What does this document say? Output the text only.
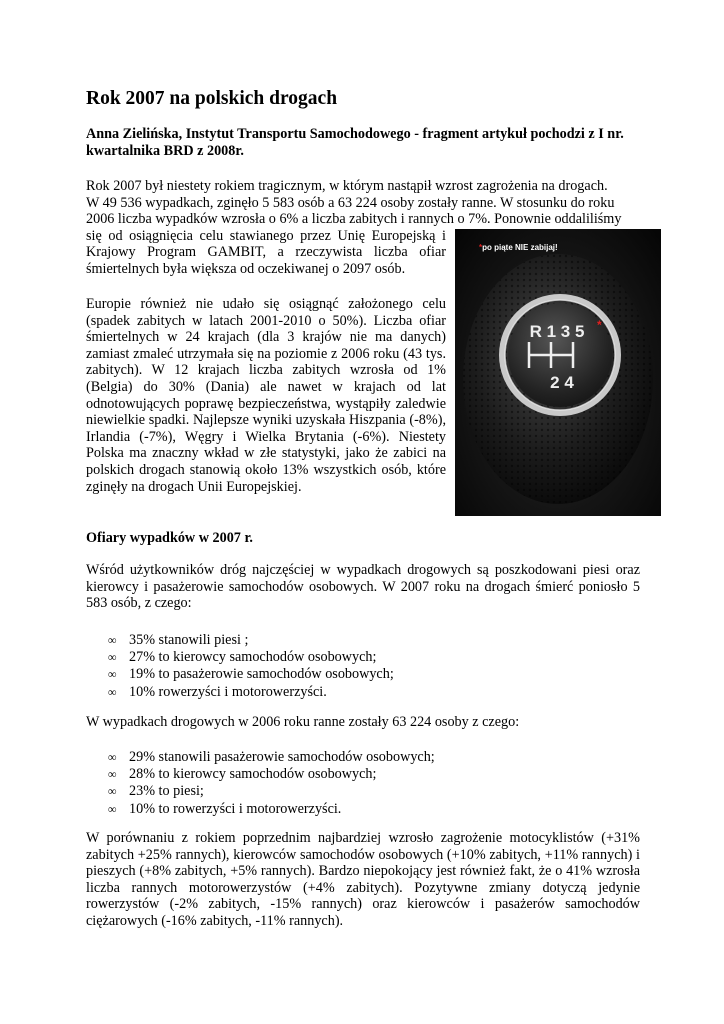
Rok 2007 na polskich drogach

Anna Zielińska, Instytut Transportu Samochodowego - fragment artykuł pochodzi z I nr. kwartalnika BRD z 2008r.

Rok 2007 był niestety rokiem tragicznym, w którym nastąpił wzrost zagrożenia na drogach.

W 49 536 wypadkach, zginęło 5 583 osób a 63 224 osoby zostały ranne. W stosunku do roku

2006 liczba wypadków wzrosła o 6% a liczba zabitych i rannych o 7%. Ponownie oddaliliśmy

się od osiągnięcia celu stawianego przez Unię Europejską i Krajowy Program GAMBIT, a rzeczywista liczba ofiar śmiertelnych była większa od oczekiwanej o 2097 osób.

Europie również nie udało się osiągnąć założonego celu (spadek zabitych w latach 2001-2010 o 50%). Liczba ofiar śmiertelnych w 24 krajach (dla 3 krajów nie ma danych) zamiast zmaleć utrzymała się na poziomie z 2006 roku (43 tys. zabitych). W 12 krajach liczba zabitych wzrosła od 1% (Belgia) do 30% (Dania) ale nawet w krajach od lat odnotowujących poprawę bezpieczeństwa, wystąpiły zaledwie niewielkie spadki. Najlepsze wyniki uzyskała Hiszpania (-8%), Irlandia (-7%), Węgry i Wielka Brytania (-6%). Niestety Polska ma znaczny wkład w złe statystyki, jako że zabici na polskich drogach stanowią około 13% wszystkich osób, które zginęły na drogach Unii Europejskiej.

Ofiary wypadków w 2007 r.

Wśród użytkowników dróg najczęściej w wypadkach drogowych są poszkodowani piesi oraz kierowcy i pasażerowie samochodów osobowych. W 2007 roku na drogach śmierć poniosło 5 583 osób, z czego:

∞ 35% stanowili piesi ;
∞ 27% to kierowcy samochodów osobowych;
∞ 19% to pasażerowie samochodów osobowych;
∞ 10% rowerzyści i motorowerzyści.

W wypadkach drogowych w 2006 roku ranne zostały 63 224 osoby z czego:

∞ 29% stanowili pasażerowie samochodów osobowych;
∞ 28% to kierowcy samochodów osobowych;
∞ 23% to piesi;
∞ 10% to rowerzyści i motorowerzyści.

W porównaniu z rokiem poprzednim najbardziej wzrosło zagrożenie motocyklistów (+31% zabitych +25% rannych), kierowców samochodów osobowych (+10% zabitych, +11% rannych) i pieszych (+8% zabitych, +5% rannych). Bardzo niepokojący jest również fakt, że o 41% wzrosła liczba rannych motorowerzystów (+4% zabitych). Pozytywne zmiany dotyczą jedynie rowerzystów (-2% zabitych, -15% rannych) oraz kierowców i pasażerów samochodów ciężarowych (-16% zabitych, -11% rannych).

*po piąte NIE zabijaj!
R 1 3 5 *
2 4
